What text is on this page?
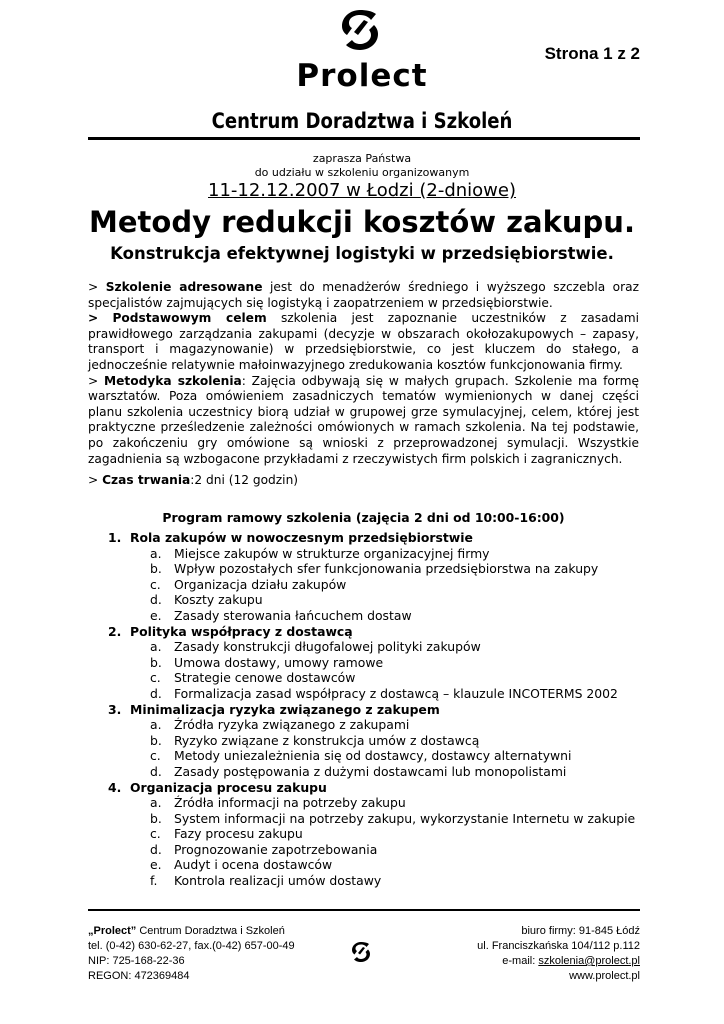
Strona 1 z 2
Prolect
Centrum Doradztwa i Szkoleń
zaprasza Państwa
do udziału w szkoleniu organizowanym
11-12.12.2007 w Łodzi (2-dniowe)
Metody redukcji kosztów zakupu.
Konstrukcja efektywnej logistyki w przedsiębiorstwie.

> Szkolenie adresowane jest do menadżerów średniego i wyższego szczebla oraz specjalistów zajmujących się logistyką i zaopatrzeniem w przedsiębiorstwie.

> Podstawowym celem szkolenia jest zapoznanie uczestników z zasadami prawidłowego zarządzania zakupami (decyzje w obszarach okołozakupowych – zapasy, transport i magazynowanie) w przedsiębiorstwie, co jest kluczem do stałego, a jednocześnie relatywnie małoinwazyjnego zredukowania kosztów funkcjonowania firmy.

> Metodyka szkolenia: Zajęcia odbywają się w małych grupach. Szkolenie ma formę warsztatów. Poza omówieniem zasadniczych tematów wymienionych w danej części planu szkolenia uczestnicy biorą udział w grupowej grze symulacyjnej, celem, której jest praktyczne prześledzenie zależności omówionych w ramach szkolenia. Na tej podstawie, po zakończeniu gry omówione są wnioski z przeprowadzonej symulacji. Wszystkie zagadnienia są wzbogacone przykładami z rzeczywistych firm polskich i zagranicznych.

> Czas trwania:2 dni (12 godzin)

Program ramowy szkolenia (zajęcia 2 dni od 10:00-16:00)
1. Rola zakupów w nowoczesnym przedsiębiorstwie
a.	Miejsce zakupów w strukturze organizacyjnej firmy
b. Wpływ pozostałych sfer funkcjonowania przedsiębiorstwa na zakupy
c.	Organizacja działu zakupów
d. Koszty zakupu
e.	Zasady sterowania łańcuchem dostaw
2. Polityka współpracy z dostawcą
a.	Zasady konstrukcji długofalowej polityki zakupów
b. Umowa dostawy, umowy ramowe
c.	Strategie cenowe dostawców
d. Formalizacja zasad współpracy z dostawcą – klauzule INCOTERMS 2002
3. Minimalizacja ryzyka związanego z zakupem
a.	Źródła ryzyka związanego z zakupami
b. Ryzyko związane z konstrukcja umów z dostawcą
c.	Metody uniezależnienia się od dostawcy, dostawcy alternatywni
d. Zasady postępowania z dużymi dostawcami lub monopolistami
4. Organizacja procesu zakupu
a.	Źródła informacji na potrzeby zakupu
b. System informacji na potrzeby zakupu, wykorzystanie Internetu w zakupie
c.	Fazy procesu zakupu
d. Prognozowanie zapotrzebowania
e.	Audyt i ocena dostawców
f.	Kontrola realizacji umów dostawy
„Prolect” Centrum Doradztwa i Szkoleń
tel. (0-42) 630-62-27, fax.(0-42) 657-00-49
NIP: 725-168-22-36
REGON: 472369484
biuro firmy: 91-845 Łódź
ul. Franciszkańska 104/112 p.112
e-mail: szkolenia@prolect.pl
www.prolect.pl
